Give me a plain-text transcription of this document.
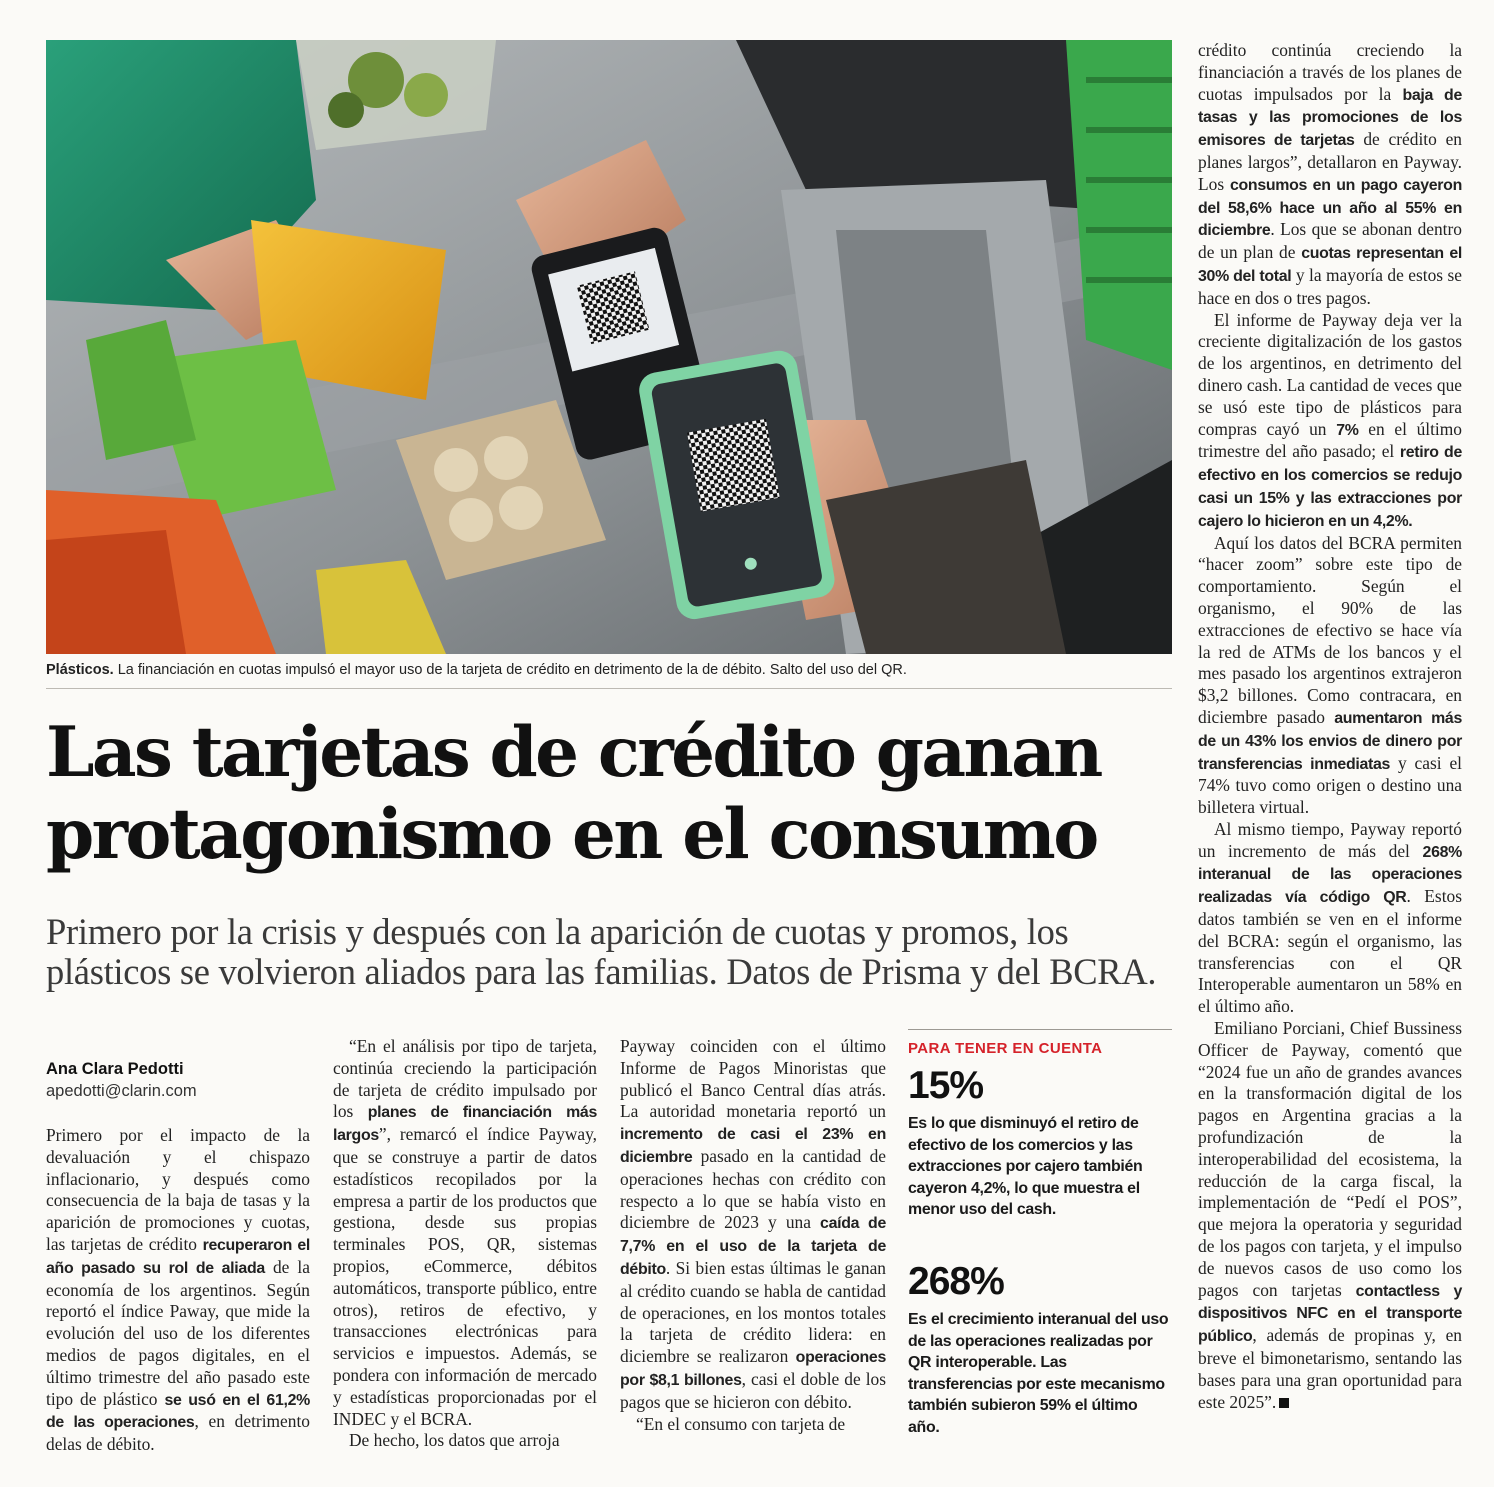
Plásticos. La financiación en cuotas impulsó el mayor uso de la tarjeta de crédito en detrimento de la de débito. Salto del uso del QR.
Las tarjetas de crédito ganan
protagonismo en el consumo
Primero por la crisis y después con la aparición de cuotas y promos, los
plásticos se volvieron aliados para las familias. Datos de Prisma y del BCRA.
Ana Clara Pedotti
apedotti@clarin.com

Primero por el impacto de la devaluación y el chispazo inflacionario, y después como consecuencia de la baja de tasas y la aparición de promociones y cuotas, las tarjetas de crédito recuperaron el año pasado su rol de aliada de la economía de los argentinos. Según reportó el índice Paway, que mide la evolución del uso de los diferentes medios de pagos digitales, en el último trimestre del año pasado este tipo de plástico se usó en el 61,2% de las operaciones, en detrimento delas de débito.

“En el análisis por tipo de tarjeta, continúa creciendo la participación de tarjeta de crédito impulsado por los planes de financiación más largos”, remarcó el índice Payway, que se construye a partir de datos estadísticos recopilados por la empresa a partir de los productos que gestiona, desde sus propias terminales POS, QR, sistemas propios, eCommerce, débitos automáticos, transporte público, entre otros), retiros de efectivo, y transacciones electrónicas para servicios e impuestos. Además, se pondera con información de mercado y estadísticas proporcionadas por el INDEC y el BCRA.

De hecho, los datos que arroja

Payway coinciden con el último Informe de Pagos Minoristas que publicó el Banco Central días atrás. La autoridad monetaria reportó un incremento de casi el 23% en diciembre pasado en la cantidad de operaciones hechas con crédito con respecto a lo que se había visto en diciembre de 2023 y una caída de 7,7% en el uso de la tarjeta de débito. Si bien estas últimas le ganan al crédito cuando se habla de cantidad de operaciones, en los montos totales la tarjeta de crédito lidera: en diciembre se realizaron operaciones por $8,1 billones, casi el doble de los pagos que se hicieron con débito.

“En el consumo con tarjeta de

PARA TENER EN CUENTA
15%
Es lo que disminuyó el retiro de efectivo de los comercios y las extracciones por cajero también cayeron 4,2%, lo que muestra el menor uso del cash.
268%
Es el crecimiento interanual del uso de las operaciones realizadas por QR interoperable. Las transferencias por este mecanismo también subieron 59% el último año.

crédito continúa creciendo la financiación a través de los planes de cuotas impulsados por la baja de tasas y las promociones de los emisores de tarjetas de crédito en planes largos”, detallaron en Payway. Los consumos en un pago cayeron del 58,6% hace un año al 55% en diciembre. Los que se abonan dentro de un plan de cuotas representan el 30% del total y la mayoría de estos se hace en dos o tres pagos.

El informe de Payway deja ver la creciente digitalización de los gastos de los argentinos, en detrimento del dinero cash. La cantidad de veces que se usó este tipo de plásticos para compras cayó un 7% en el último trimestre del año pasado; el retiro de efectivo en los comercios se redujo casi un 15% y las extracciones por cajero lo hicieron en un 4,2%.

Aquí los datos del BCRA permiten “hacer zoom” sobre este tipo de comportamiento. Según el organismo, el 90% de las extracciones de efectivo se hace vía la red de ATMs de los bancos y el mes pasado los argentinos extrajeron $3,2 billones. Como contracara, en diciembre pasado aumentaron más de un 43% los envios de dinero por transferencias inmediatas y casi el 74% tuvo como origen o destino una billetera virtual.

Al mismo tiempo, Payway reportó un incremento de más del 268% interanual de las operaciones realizadas vía código QR. Estos datos también se ven en el informe del BCRA: según el organismo, las transferencias con el QR Interoperable aumentaron un 58% en el último año.

Emiliano Porciani, Chief Bussiness Officer de Payway, comentó que “2024 fue un año de grandes avances en la transformación digital de los pagos en Argentina gracias a la profundización de la interoperabilidad del ecosistema, la reducción de la carga fiscal, la implementación de “Pedí el POS”, que mejora la operatoria y seguridad de los pagos con tarjeta, y el impulso de nuevos casos de uso como los pagos con tarjetas contactless y dispositivos NFC en el transporte público, además de propinas y, en breve el bimonetarismo, sentando las bases para una gran oportunidad para este 2025”.
